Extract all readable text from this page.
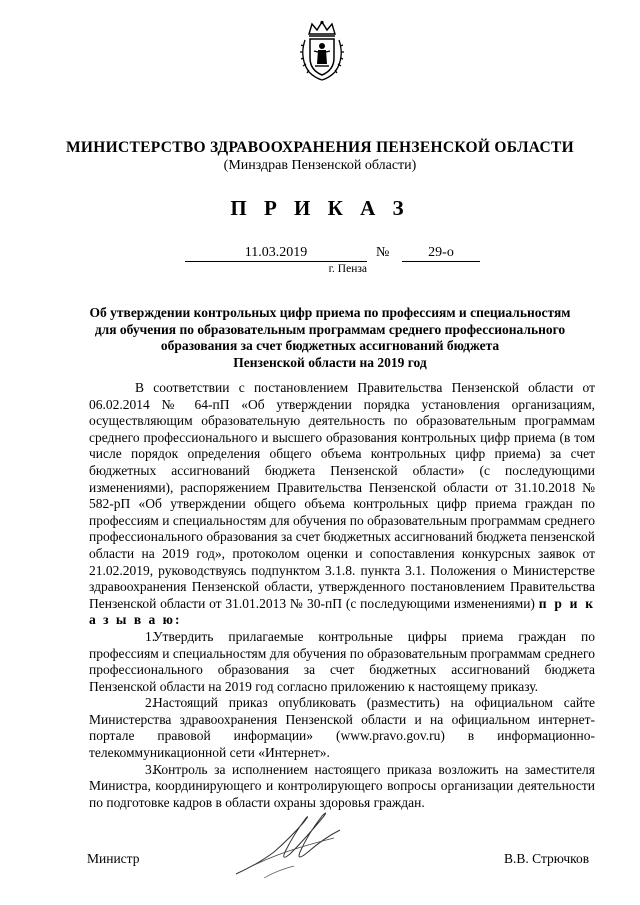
МИНИСТЕРСТВО ЗДРАВООХРАНЕНИЯ ПЕНЗЕНСКОЙ ОБЛАСТИ
(Минздрав Пензенской области)
П Р И К А З
11.03.2019	№	29-о
г. Пенза
Об утверждении контрольных цифр приема по профессиям и специальностям
для обучения по образовательным программам среднего профессионального
образования за счет бюджетных ассигнований бюджета
Пензенской области на 2019 год

В соответствии с постановлением Правительства Пензенской области от 06.02.2014 № 64-пП «Об утверждении порядка установления организациям, осуществляющим образовательную деятельность по образовательным программам среднего профессионального и высшего образования контрольных цифр приема (в том числе порядок определения общего объема контрольных цифр приема) за счет бюджетных ассигнований бюджета Пензенской области» (с последующими изменениями), распоряжением Правительства Пензенской области от 31.10.2018 № 582-рП «Об утверждении общего объема контрольных цифр приема граждан по профессиям и специальностям для обучения по образовательным программам среднего профессионального образования за счет бюджетных ассигнований бюджета пензенской области на 2019 год», протоколом оценки и сопоставления конкурсных заявок от 21.02.2019, руководствуясь подпунктом 3.1.8. пункта 3.1. Положения о Министерстве здравоохранения Пензенской области, утвержденного постановлением Правительства Пензенской области от 31.01.2013 № 30-пП (с последующими изменениями) п р и к а з ы в а ю:

1.Утвердить прилагаемые контрольные цифры приема граждан по профессиям и специальностям для обучения по образовательным программам среднего профессионального образования за счет бюджетных ассигнований бюджета Пензенской области на 2019 год согласно приложению к настоящему приказу.

2.Настоящий приказ опубликовать (разместить) на официальном сайте Министерства здравоохранения Пензенской области и на официальном интернет-портале правовой информации» (www.pravo.gov.ru) в информационно-телекоммуникационной сети «Интернет».

3.Контроль за исполнением настоящего приказа возложить на заместителя Министра, координирующего и контролирующего вопросы организации деятельности по подготовке кадров в области охраны здоровья граждан.

Министр	В.В. Стрючков
